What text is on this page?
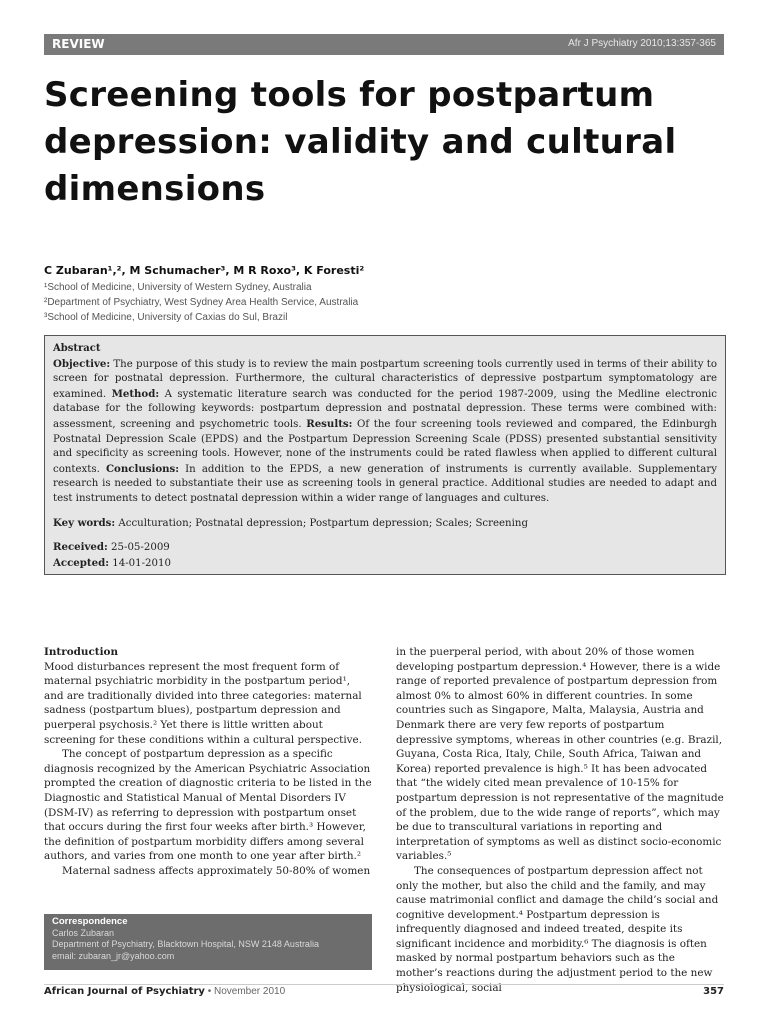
REVIEW	Afr J Psychiatry 2010;13:357-365
Screening tools for postpartum depression: validity and cultural dimensions
C Zubaran¹,², M Schumacher³, M R Roxo³, K Foresti²
¹School of Medicine, University of Western Sydney, Australia
²Department of Psychiatry, West Sydney Area Health Service, Australia
³School of Medicine, University of Caxias do Sul, Brazil
Abstract

Objective: The purpose of this study is to review the main postpartum screening tools currently used in terms of their ability to screen for postnatal depression. Furthermore, the cultural characteristics of depressive postpartum symptomatology are examined. Method: A systematic literature search was conducted for the period 1987-2009, using the Medline electronic database for the following keywords: postpartum depression and postnatal depression. These terms were combined with: assessment, screening and psychometric tools. Results: Of the four screening tools reviewed and compared, the Edinburgh Postnatal Depression Scale (EPDS) and the Postpartum Depression Screening Scale (PDSS) presented substantial sensitivity and specificity as screening tools. However, none of the instruments could be rated flawless when applied to different cultural contexts. Conclusions: In addition to the EPDS, a new generation of instruments is currently available. Supplementary research is needed to substantiate their use as screening tools in general practice. Additional studies are needed to adapt and test instruments to detect postnatal depression within a wider range of languages and cultures.

Key words: Acculturation; Postnatal depression; Postpartum depression; Scales; Screening

Received: 25-05-2009
Accepted: 14-01-2010
Introduction

Mood disturbances represent the most frequent form of maternal psychiatric morbidity in the postpartum period¹, and are traditionally divided into three categories: maternal sadness (postpartum blues), postpartum depression and puerperal psychosis.² Yet there is little written about screening for these conditions within a cultural perspective.

The concept of postpartum depression as a specific diagnosis recognized by the American Psychiatric Association prompted the creation of diagnostic criteria to be listed in the Diagnostic and Statistical Manual of Mental Disorders IV (DSM-IV) as referring to depression with postpartum onset that occurs during the first four weeks after birth.³ However, the definition of postpartum morbidity differs among several authors, and varies from one month to one year after birth.²

Maternal sadness affects approximately 50-80% of women

in the puerperal period, with about 20% of those women developing postpartum depression.⁴ However, there is a wide range of reported prevalence of postpartum depression from almost 0% to almost 60% in different countries. In some countries such as Singapore, Malta, Malaysia, Austria and Denmark there are very few reports of postpartum depressive symptoms, whereas in other countries (e.g. Brazil, Guyana, Costa Rica, Italy, Chile, South Africa, Taiwan and Korea) reported prevalence is high.⁵ It has been advocated that “the widely cited mean prevalence of 10-15% for postpartum depression is not representative of the magnitude of the problem, due to the wide range of reports”, which may be due to transcultural variations in reporting and interpretation of symptoms as well as distinct socio-economic variables.⁵

The consequences of postpartum depression affect not only the mother, but also the child and the family, and may cause matrimonial conflict and damage the child’s social and cognitive development.⁴ Postpartum depression is infrequently diagnosed and indeed treated, despite its significant incidence and morbidity.⁶ The diagnosis is often masked by normal postpartum behaviors such as the mother’s reactions during the adjustment period to the new physiological, social

Correspondence
Carlos Zubaran
Department of Psychiatry, Blacktown Hospital, NSW 2148 Australia
email: zubaran_jr@yahoo.com
African Journal of Psychiatry • November 2010	357
